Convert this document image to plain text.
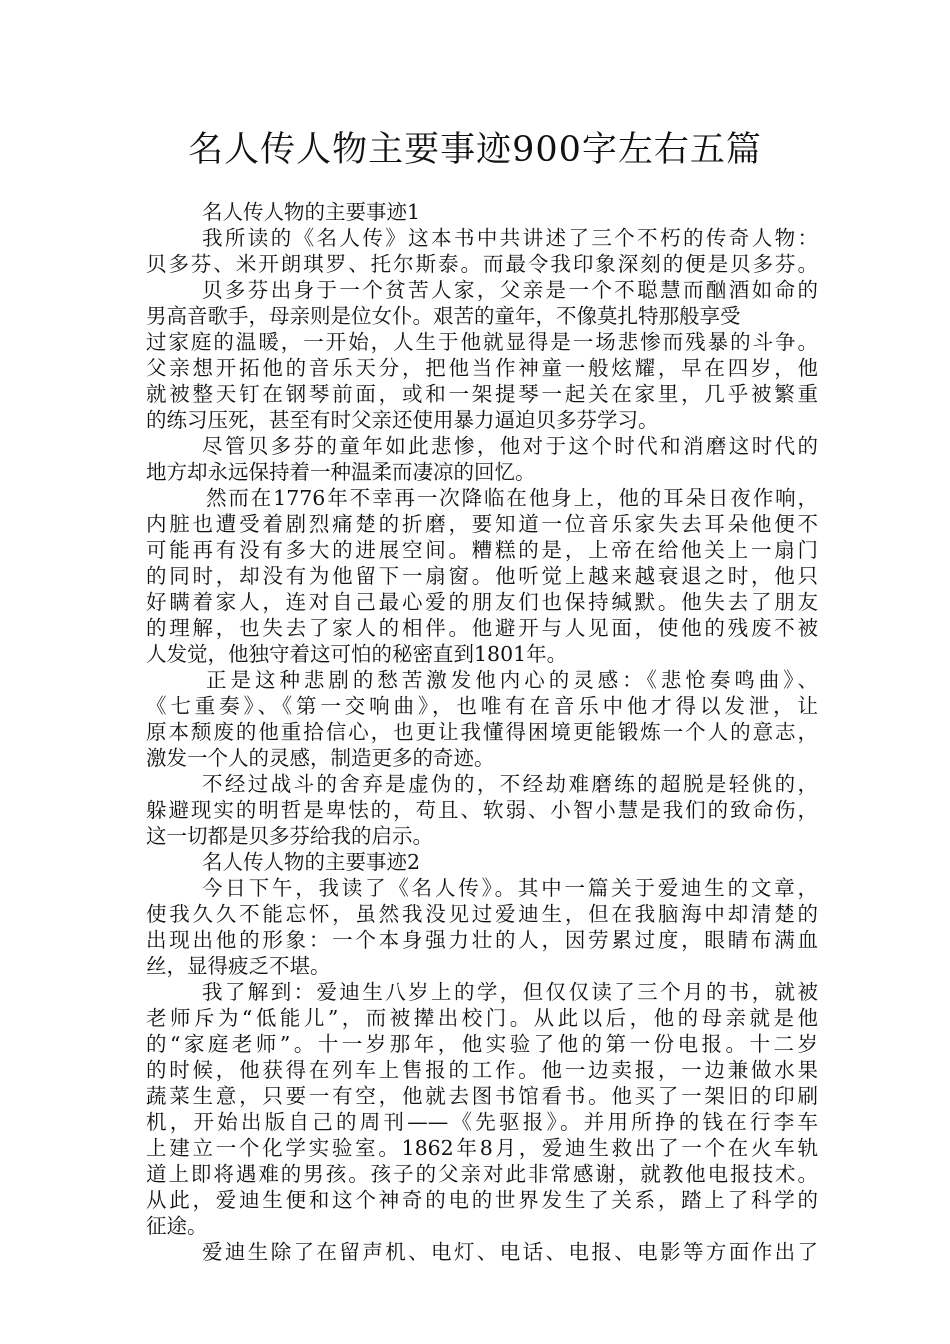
名人传人物主要事迹900字左右五篇
名人传人物的主要事迹1
我所读的《名人传》这本书中共讲述了三个不朽的传奇人物：
贝多芬、米开朗琪罗、托尔斯泰。而最令我印象深刻的便是贝多芬。
贝多芬出身于一个贫苦人家，父亲是一个不聪慧而酗酒如命的
男高音歌手，母亲则是位女仆。艰苦的童年，不像莫扎特那般享受
过家庭的温暖，一开始，人生于他就显得是一场悲惨而残暴的斗争。
父亲想开拓他的音乐天分，把他当作神童一般炫耀，早在四岁，他
就被整天钉在钢琴前面，或和一架提琴一起关在家里，几乎被繁重
的练习压死，甚至有时父亲还使用暴力逼迫贝多芬学习。
尽管贝多芬的童年如此悲惨，他对于这个时代和消磨这时代的
地方却永远保持着一种温柔而凄凉的回忆。
然而在1776年不幸再一次降临在他身上，他的耳朵日夜作响，
内脏也遭受着剧烈痛楚的折磨，要知道一位音乐家失去耳朵他便不
可能再有没有多大的进展空间。糟糕的是，上帝在给他关上一扇门
的同时，却没有为他留下一扇窗。他听觉上越来越衰退之时，他只
好瞒着家人，连对自己最心爱的朋友们也保持缄默。他失去了朋友
的理解，也失去了家人的相伴。他避开与人见面，使他的残废不被
人发觉，他独守着这可怕的秘密直到1801年。
正是这种悲剧的愁苦激发他内心的灵感：《悲怆奏鸣曲》、
《七重奏》、《第一交响曲》，也唯有在音乐中他才得以发泄，让
原本颓废的他重拾信心，也更让我懂得困境更能锻炼一个人的意志，
激发一个人的灵感，制造更多的奇迹。
不经过战斗的舍弃是虚伪的，不经劫难磨练的超脱是轻佻的，
躲避现实的明哲是卑怯的，苟且、软弱、小智小慧是我们的致命伤，
这一切都是贝多芬给我的启示。
名人传人物的主要事迹2
今日下午，我读了《名人传》。其中一篇关于爱迪生的文章，
使我久久不能忘怀，虽然我没见过爱迪生，但在我脑海中却清楚的
出现出他的形象：一个本身强力壮的人，因劳累过度，眼睛布满血
丝，显得疲乏不堪。
我了解到：爱迪生八岁上的学，但仅仅读了三个月的书，就被
老师斥为“低能儿”，而被撵出校门。从此以后，他的母亲就是他
的“家庭老师”。十一岁那年，他实验了他的第一份电报。十二岁
的时候，他获得在列车上售报的工作。他一边卖报，一边兼做水果
蔬菜生意，只要一有空，他就去图书馆看书。他买了一架旧的印刷
机，开始出版自己的周刊——《先驱报》。并用所挣的钱在行李车
上建立一个化学实验室。1862年8月，爱迪生救出了一个在火车轨
道上即将遇难的男孩。孩子的父亲对此非常感谢，就教他电报技术。
从此，爱迪生便和这个神奇的电的世界发生了关系，踏上了科学的
征途。
爱迪生除了在留声机、电灯、电话、电报、电影等方面作出了
